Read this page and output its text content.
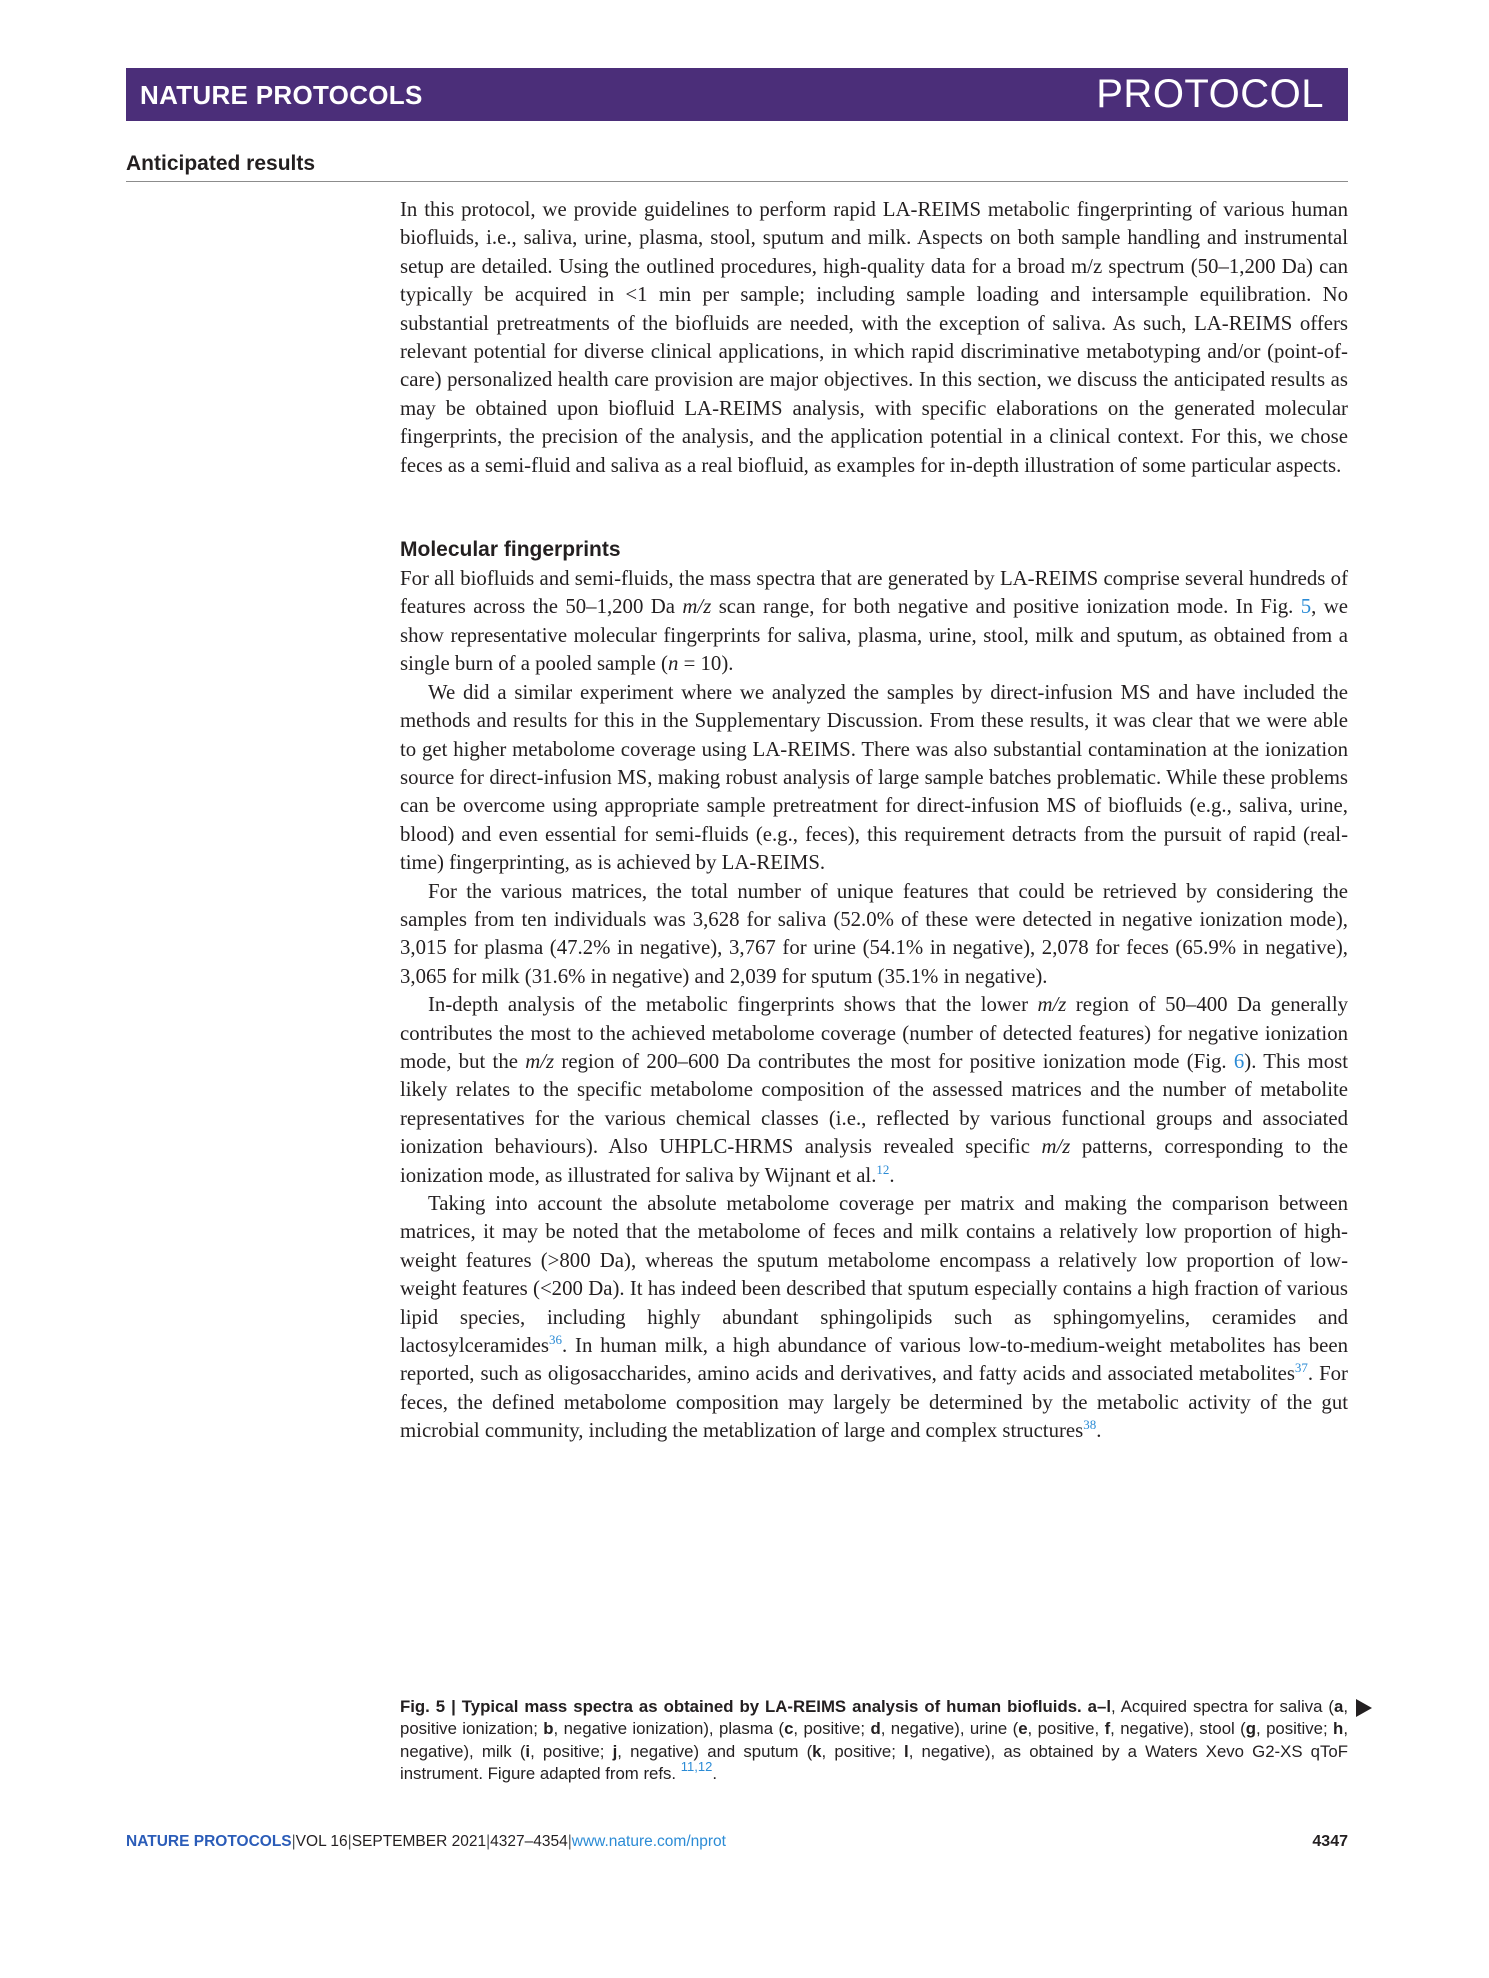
NATURE PROTOCOLS	PROTOCOL
Anticipated results

In this protocol, we provide guidelines to perform rapid LA-REIMS metabolic fingerprinting of various human biofluids, i.e., saliva, urine, plasma, stool, sputum and milk. Aspects on both sample handling and instrumental setup are detailed. Using the outlined procedures, high-quality data for a broad m/z spectrum (50–1,200 Da) can typically be acquired in <1 min per sample; including sample loading and intersample equilibration. No substantial pretreatments of the biofluids are needed, with the exception of saliva. As such, LA-REIMS offers relevant potential for diverse clinical applications, in which rapid discriminative metabotyping and/or (point-of-care) personalized health care provision are major objectives. In this section, we discuss the anticipated results as may be obtained upon biofluid LA-REIMS analysis, with specific elaborations on the generated molecular fingerprints, the precision of the analysis, and the application potential in a clinical context. For this, we chose feces as a semi-fluid and saliva as a real biofluid, as examples for in-depth illustration of some particular aspects.

Molecular fingerprints

For all biofluids and semi-fluids, the mass spectra that are generated by LA-REIMS comprise several hundreds of features across the 50–1,200 Da m/z scan range, for both negative and positive ionization mode. In Fig. 5, we show representative molecular fingerprints for saliva, plasma, urine, stool, milk and sputum, as obtained from a single burn of a pooled sample (n = 10).

We did a similar experiment where we analyzed the samples by direct-infusion MS and have included the methods and results for this in the Supplementary Discussion. From these results, it was clear that we were able to get higher metabolome coverage using LA-REIMS. There was also substantial contamination at the ionization source for direct-infusion MS, making robust analysis of large sample batches problematic. While these problems can be overcome using appropriate sample pretreatment for direct-infusion MS of biofluids (e.g., saliva, urine, blood) and even essential for semi-fluids (e.g., feces), this requirement detracts from the pursuit of rapid (real-time) fingerprinting, as is achieved by LA-REIMS.

For the various matrices, the total number of unique features that could be retrieved by considering the samples from ten individuals was 3,628 for saliva (52.0% of these were detected in negative ionization mode), 3,015 for plasma (47.2% in negative), 3,767 for urine (54.1% in negative), 2,078 for feces (65.9% in negative), 3,065 for milk (31.6% in negative) and 2,039 for sputum (35.1% in negative).

In-depth analysis of the metabolic fingerprints shows that the lower m/z region of 50–400 Da generally contributes the most to the achieved metabolome coverage (number of detected features) for negative ionization mode, but the m/z region of 200–600 Da contributes the most for positive ionization mode (Fig. 6). This most likely relates to the specific metabolome composition of the assessed matrices and the number of metabolite representatives for the various chemical classes (i.e., reflected by various functional groups and associated ionization behaviours). Also UHPLC-HRMS analysis revealed specific m/z patterns, corresponding to the ionization mode, as illustrated for saliva by Wijnant et al.$^{12}$.

Taking into account the absolute metabolome coverage per matrix and making the comparison between matrices, it may be noted that the metabolome of feces and milk contains a relatively low proportion of high-weight features (>800 Da), whereas the sputum metabolome encompass a relatively low proportion of low-weight features (<200 Da). It has indeed been described that sputum especially contains a high fraction of various lipid species, including highly abundant sphingolipids such as sphingomyelins, ceramides and lactosylceramides$^{36}$. In human milk, a high abundance of various low-to-medium-weight metabolites has been reported, such as oligosaccharides, amino acids and derivatives, and fatty acids and associated metabolites$^{37}$. For feces, the defined metabolome composition may largely be determined by the metabolic activity of the gut microbial community, including the metablization of large and complex structures$^{38}$.

Fig. 5 | Typical mass spectra as obtained by LA-REIMS analysis of human biofluids. a–l, Acquired spectra for saliva (a, positive ionization; b, negative ionization), plasma (c, positive; d, negative), urine (e, positive, f, negative), stool (g, positive; h, negative), milk (i, positive; j, negative) and sputum (k, positive; l, negative), as obtained by a Waters Xevo G2-XS qToF instrument. Figure adapted from refs. $^{11,12}$.
NATURE PROTOCOLS|VOL 16|SEPTEMBER 2021|4327–4354|www.nature.com/nprot	4347
